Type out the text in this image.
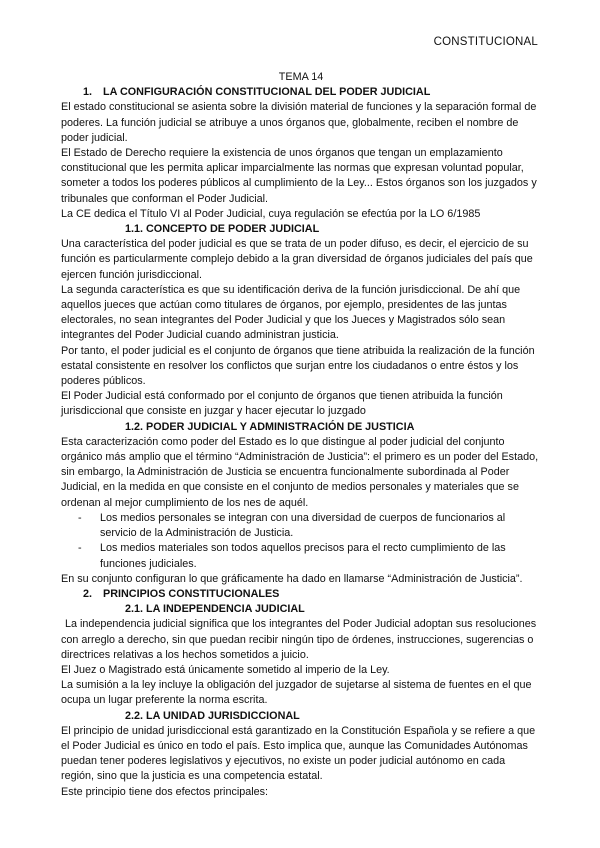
CONSTITUCIONAL
TEMA 14
1. LA CONFIGURACIÓN CONSTITUCIONAL DEL PODER JUDICIAL

El estado constitucional se asienta sobre la división material de funciones y la separación formal de poderes. La función judicial se atribuye a unos órganos que, globalmente, reciben el nombre de poder judicial.

El Estado de Derecho requiere la existencia de unos órganos que tengan un emplazamiento constitucional que les permita aplicar imparcialmente las normas que expresan voluntad popular, someter a todos los poderes públicos al cumplimiento de la Ley... Estos órganos son los juzgados y tribunales que conforman el Poder Judicial.

La CE dedica el Título VI al Poder Judicial, cuya regulación se efectúa por la LO 6/1985

1.1. CONCEPTO DE PODER JUDICIAL

Una característica del poder judicial es que se trata de un poder difuso, es decir, el ejercicio de su función es particularmente complejo debido a la gran diversidad de órganos judiciales del país que ejercen función jurisdiccional.

La segunda característica es que su identificación deriva de la función jurisdiccional. De ahí que aquellos jueces que actúan como titulares de órganos, por ejemplo, presidentes de las juntas electorales, no sean integrantes del Poder Judicial y que los Jueces y Magistrados sólo sean integrantes del Poder Judicial cuando administran justicia.

Por tanto, el poder judicial es el conjunto de órganos que tiene atribuida la realización de la función estatal consistente en resolver los conflictos que surjan entre los ciudadanos o entre éstos y los poderes públicos.

El Poder Judicial está conformado por el conjunto de órganos que tienen atribuida la función jurisdiccional que consiste en juzgar y hacer ejecutar lo juzgado

1.2. PODER JUDICIAL Y ADMINISTRACIÓN DE JUSTICIA

Esta caracterización como poder del Estado es lo que distingue al poder judicial del conjunto orgánico más amplio que el término “Administración de Justicia”: el primero es un poder del Estado, sin embargo, la Administración de Justicia se encuentra funcionalmente subordinada al Poder Judicial, en la medida en que consiste en el conjunto de medios personales y materiales que se ordenan al mejor cumplimiento de los nes de aquél.

- Los medios personales se integran con una diversidad de cuerpos de funcionarios al servicio de la Administración de Justicia.
- Los medios materiales son todos aquellos precisos para el recto cumplimiento de las funciones judiciales.

En su conjunto configuran lo que gráficamente ha dado en llamarse “Administración de Justicia”.

2. PRINCIPIOS CONSTITUCIONALES
2.1. LA INDEPENDENCIA JUDICIAL

La independencia judicial significa que los integrantes del Poder Judicial adoptan sus resoluciones con arreglo a derecho, sin que puedan recibir ningún tipo de órdenes, instrucciones, sugerencias o directrices relativas a los hechos sometidos a juicio.

El Juez o Magistrado está únicamente sometido al imperio de la Ley.

La sumisión a la ley incluye la obligación del juzgador de sujetarse al sistema de fuentes en el que ocupa un lugar preferente la norma escrita.

2.2. LA UNIDAD JURISDICCIONAL

El principio de unidad jurisdiccional está garantizado en la Constitución Española y se refiere a que el Poder Judicial es único en todo el país. Esto implica que, aunque las Comunidades Autónomas puedan tener poderes legislativos y ejecutivos, no existe un poder judicial autónomo en cada región, sino que la justicia es una competencia estatal.

Este principio tiene dos efectos principales:
